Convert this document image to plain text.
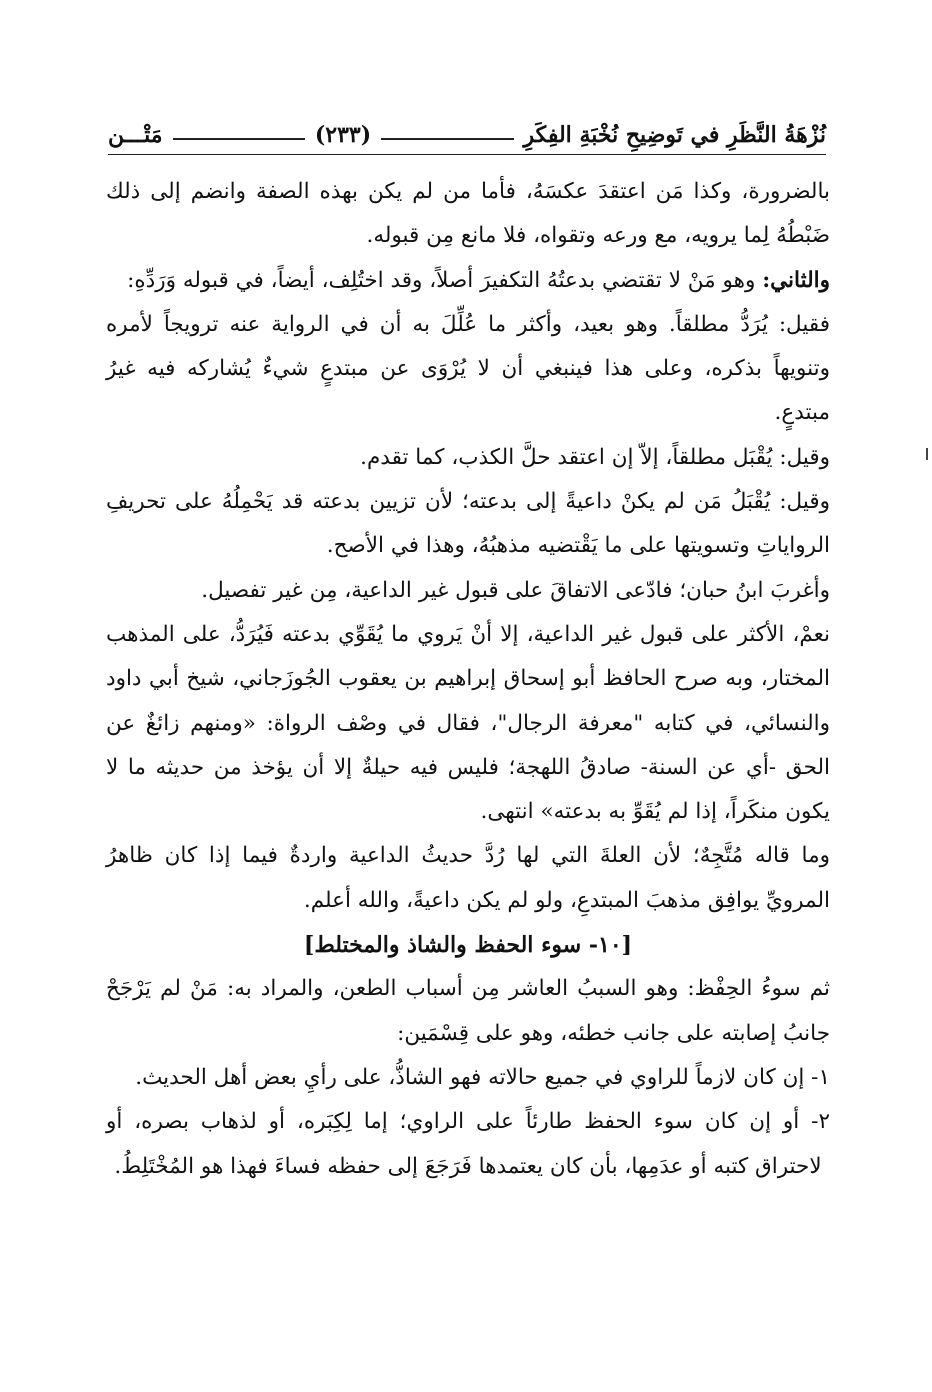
نُزْهَةُ النَّظَرِ في تَوضِيحِ نُخْبَةِ الفِكَرِ
(٢٣٣)
مَتْـــن

بالضرورة، وكذا مَن اعتقدَ عكسَهُ، فأما من لم يكن بهذه الصفة وانضم إلى ذلك ضَبْطُهُ لِما يرويه، مع ورعه وتقواه، فلا مانع مِن قبوله.

والثاني: وهو مَنْ لا تقتضي بدعتُهُ التكفيرَ أصلاً، وقد اختُلِف، أيضاً، في قبوله وَرَدِّهِ:

فقيل: يُرَدُّ مطلقاً. وهو بعيد، وأكثر ما عُلِّلَ به أن في الرواية عنه ترويجاً لأمره وتنويهاً بذكره، وعلى هذا فينبغي أن لا يُرْوَى عن مبتدعٍ شيءٌ يُشاركه فيه غيرُ مبتدعٍ.

وقيل: يُقْبَل مطلقاً، إلاّ إن اعتقد حلَّ الكذب، كما تقدم.

وقيل: يُقْبَلُ مَن لم يكنْ داعيةً إلى بدعته؛ لأن تزيين بدعته قد يَحْمِلُهُ على تحريفِ الرواياتِ وتسويتها على ما يَقْتضيه مذهبُهُ، وهذا في الأصح.

وأغربَ ابنُ حبان؛ فادّعى الاتفاقَ على قبول غير الداعية، مِن غير تفصيل.

نعمْ، الأكثر على قبول غير الداعية، إلا أنْ يَروي ما يُقَوِّي بدعته فَيُرَدُّ، على المذهب المختار، وبه صرح الحافظ أبو إسحاق إبراهيم بن يعقوب الجُوزَجاني، شيخ أبي داود والنسائي، في كتابه "معرفة الرجال"، فقال في وصْف الرواة: «ومنهم زائغٌ عن الحق -أي عن السنة- صادقُ اللهجة؛ فليس فيه حيلةٌ إلا أن يؤخذ من حديثه ما لا يكون منكَراً، إذا لم يُقَوِّ به بدعته» انتهى.

وما قاله مُتَّجِهٌ؛ لأن العلةَ التي لها رُدَّ حديثُ الداعية واردةٌ فيما إذا كان ظاهرُ المرويِّ يوافِق مذهبَ المبتدعِ، ولو لم يكن داعيةً، والله أعلم.

[١٠- سوء الحفظ والشاذ والمختلط]

ثم سوءُ الحِفْظ: وهو السببُ العاشر مِن أسباب الطعن، والمراد به: مَنْ لم يَرْجَحْ جانبُ إصابته على جانب خطئه، وهو على قِسْمَين:

١- إن كان لازماً للراوي في جميع حالاته فهو الشاذُّ، على رأيِ بعض أهل الحديث.

٢- أو إن كان سوء الحفظ طارئاً على الراوي؛ إما لِكِبَره، أو لذهاب بصره، أو لاحتراق كتبه أو عدَمِها، بأن كان يعتمدها فَرَجَعَ إلى حفظه فساءَ فهذا هو المُخْتَلِطُ.
